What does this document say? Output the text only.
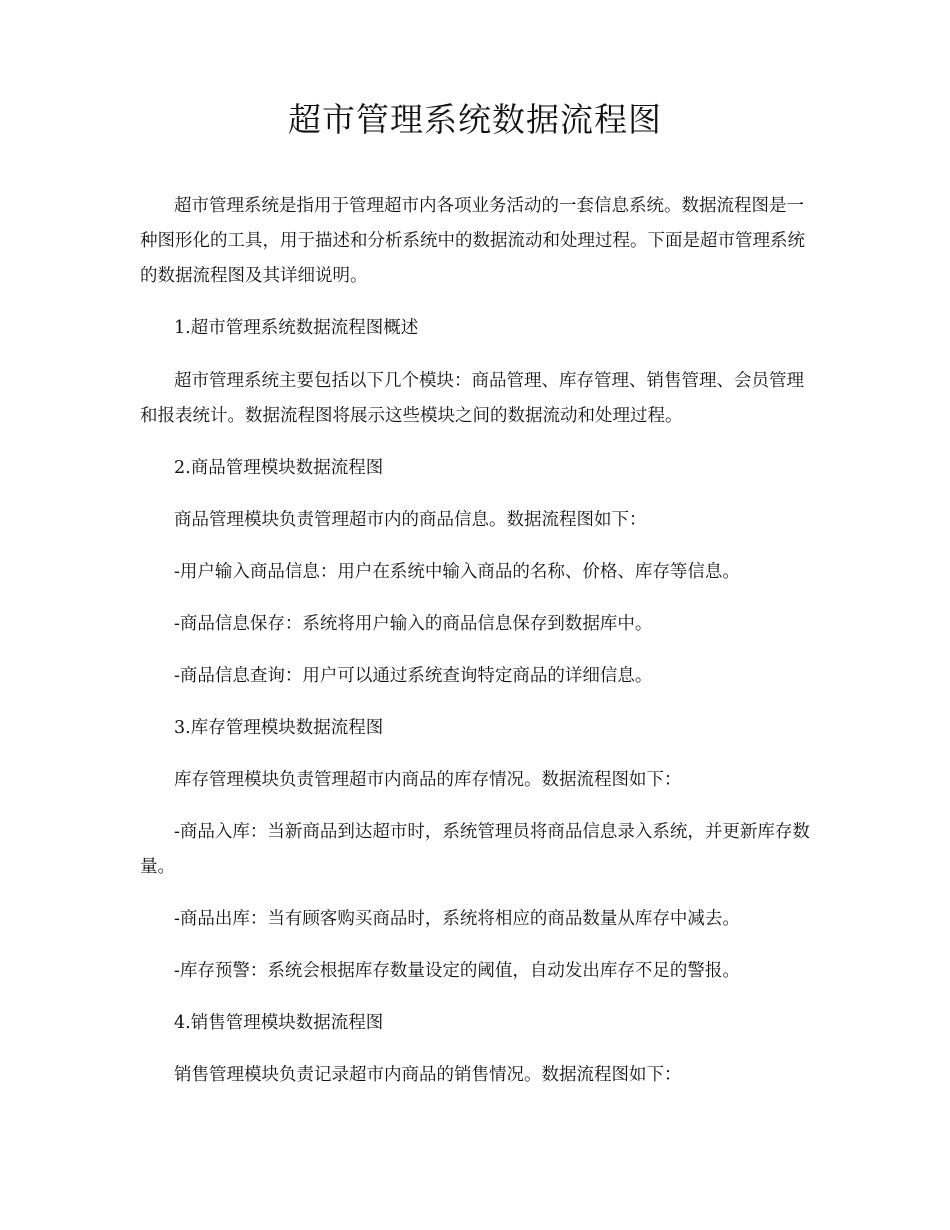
超市管理系统数据流程图

超市管理系统是指用于管理超市内各项业务活动的一套信息系统。数据流程图是一种图形化的工具，用于描述和分析系统中的数据流动和处理过程。下面是超市管理系统的数据流程图及其详细说明。

1.超市管理系统数据流程图概述

超市管理系统主要包括以下几个模块：商品管理、库存管理、销售管理、会员管理和报表统计。数据流程图将展示这些模块之间的数据流动和处理过程。

2.商品管理模块数据流程图

商品管理模块负责管理超市内的商品信息。数据流程图如下：

-用户输入商品信息：用户在系统中输入商品的名称、价格、库存等信息。

-商品信息保存：系统将用户输入的商品信息保存到数据库中。

-商品信息查询：用户可以通过系统查询特定商品的详细信息。

3.库存管理模块数据流程图

库存管理模块负责管理超市内商品的库存情况。数据流程图如下：

-商品入库：当新商品到达超市时，系统管理员将商品信息录入系统，并更新库存数量。

-商品出库：当有顾客购买商品时，系统将相应的商品数量从库存中减去。

-库存预警：系统会根据库存数量设定的阈值，自动发出库存不足的警报。

4.销售管理模块数据流程图

销售管理模块负责记录超市内商品的销售情况。数据流程图如下：
